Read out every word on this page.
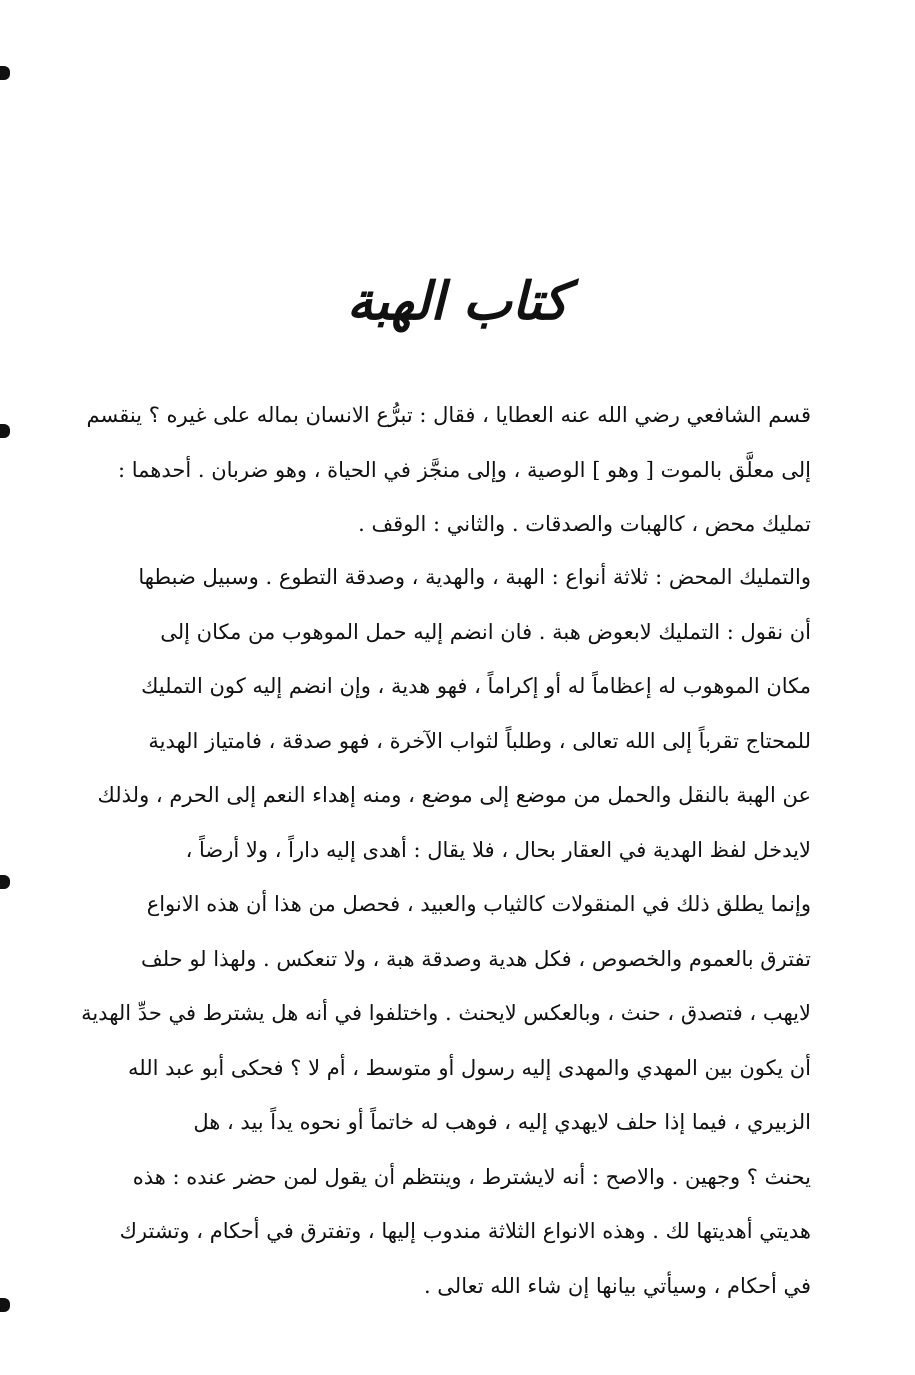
كتاب الهبة
قسم الشافعي رضي الله عنه العطايا ، فقال : تبرُّع الانسان بماله على غيره ؟ ينقسم
إلى معلَّق بالموت [ وهو ] الوصية ، وإلى منجَّز في الحياة ، وهو ضربان . أحدهما :
تمليك محض ، كالهبات والصدقات . والثاني : الوقف .
والتمليك المحض : ثلاثة أنواع : الهبة ، والهدية ، وصدقة التطوع . وسبيل ضبطها
أن نقول : التمليك لابعوض هبة . فان انضم إليه حمل الموهوب من مكان إلى
مكان الموهوب له إعظاماً له أو إكراماً ، فهو هدية ، وإن انضم إليه كون التمليك
للمحتاج تقرباً إلى الله تعالى ، وطلباً لثواب الآخرة ، فهو صدقة ، فامتياز الهدية
عن الهبة بالنقل والحمل من موضع إلى موضع ، ومنه إهداء النعم إلى الحرم ، ولذلك
لايدخل لفظ الهدية في العقار بحال ، فلا يقال : أهدى إليه داراً ، ولا أرضاً ،
وإنما يطلق ذلك في المنقولات كالثياب والعبيد ، فحصل من هذا أن هذه الانواع
تفترق بالعموم والخصوص ، فكل هدية وصدقة هبة ، ولا تنعكس . ولهذا لو حلف
لايهب ، فتصدق ، حنث ، وبالعكس لايحنث . واختلفوا في أنه هل يشترط في حدِّ الهدية
أن يكون بين المهدي والمهدى إليه رسول أو متوسط ، أم لا ؟ فحكى أبو عبد الله
الزبيري ، فيما إذا حلف لايهدي إليه ، فوهب له خاتماً أو نحوه يداً بيد ، هل
يحنث ؟ وجهين . والاصح : أنه لايشترط ، وينتظم أن يقول لمن حضر عنده : هذه
هديتي أهديتها لك . وهذه الانواع الثلاثة مندوب إليها ، وتفترق في أحكام ، وتشترك
في أحكام ، وسيأتي بيانها إن شاء الله تعالى .
